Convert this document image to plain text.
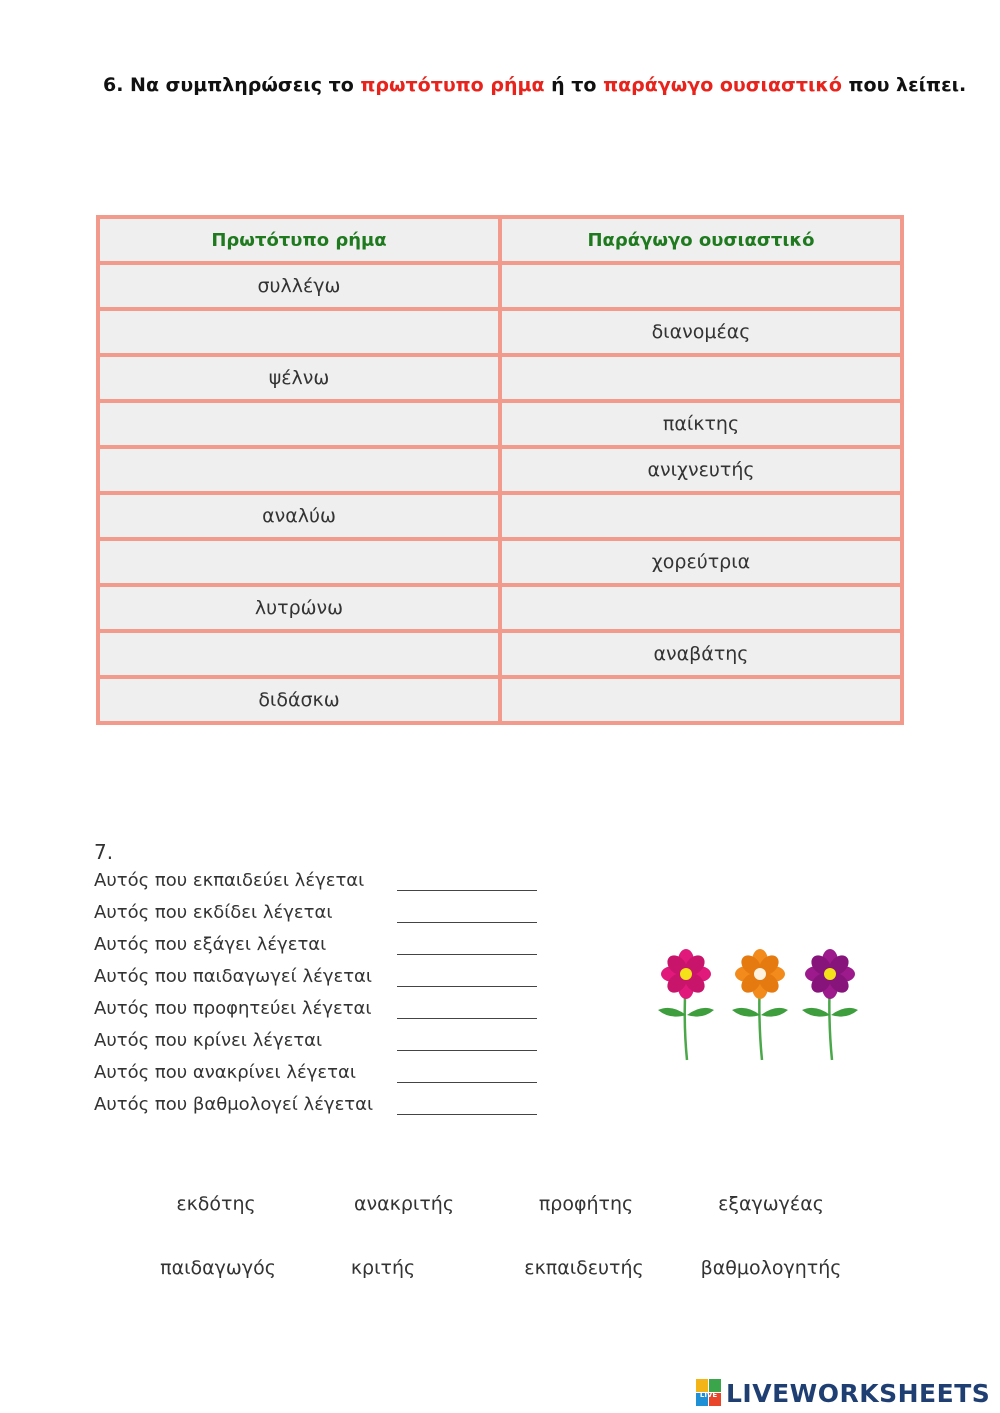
6. Να συμπληρώσεις το πρωτότυπο ρήμα ή το παράγωγο ουσιαστικό που λείπει.
Πρωτότυπο ρήμα	Παράγωγο ουσιαστικό
συλλέγω	
	διανομέας
ψέλνω	
	παίκτης
	ανιχνευτής
αναλύω	
	χορεύτρια
λυτρώνω	
	αναβάτης
διδάσκω	
7.
Αυτός που εκπαιδεύει λέγεται
Αυτός που εκδίδει λέγεται
Αυτός που εξάγει λέγεται
Αυτός που παιδαγωγεί λέγεται
Αυτός που προφητεύει λέγεται
Αυτός που κρίνει λέγεται
Αυτός που ανακρίνει λέγεται
Αυτός που βαθμολογεί λέγεται
εκδότης	ανακριτής	προφήτης	εξαγωγέας
παιδαγωγός	κριτής	εκπαιδευτής	βαθμολογητής
LIVE LIVEWORKSHEETS
